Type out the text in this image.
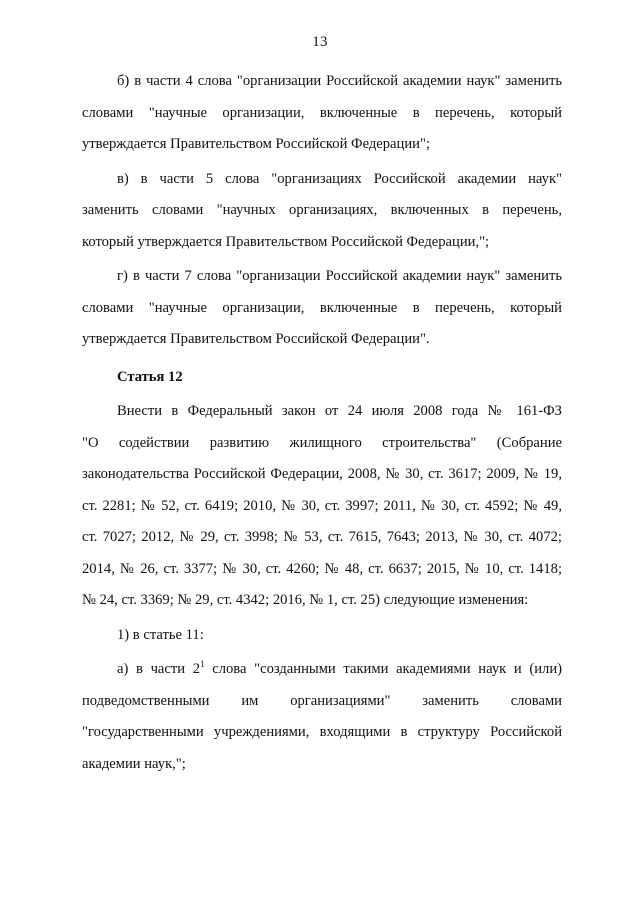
13
б) в части 4 слова "организации Российской академии наук" заменить
словами "научные организации, включенные в перечень, который
утверждается Правительством Российской Федерации";
в) в части 5 слова "организациях Российской академии наук"
заменить словами "научных организациях, включенных в перечень,
который утверждается Правительством Российской Федерации,";
г) в части 7 слова "организации Российской академии наук" заменить
словами "научные организации, включенные в перечень, который
утверждается Правительством Российской Федерации".
Статья 12
Внести в Федеральный закон от 24 июля 2008 года № 161-ФЗ
"О содействии развитию жилищного строительства" (Собрание
законодательства Российской Федерации, 2008, № 30, ст. 3617; 2009, № 19,
ст. 2281; № 52, ст. 6419; 2010, № 30, ст. 3997; 2011, № 30, ст. 4592; № 49,
ст. 7027; 2012, № 29, ст. 3998; № 53, ст. 7615, 7643; 2013, № 30, ст. 4072;
2014, № 26, ст. 3377; № 30, ст. 4260; № 48, ст. 6637; 2015, № 10, ст. 1418;
№ 24, ст. 3369; № 29, ст. 4342; 2016, № 1, ст. 25) следующие изменения:
1) в статье 11:
а) в части $2^1$ слова "созданными такими академиями наук и (или)
подведомственными им организациями" заменить словами
"государственными учреждениями, входящими в структуру Российской
академии наук,";
